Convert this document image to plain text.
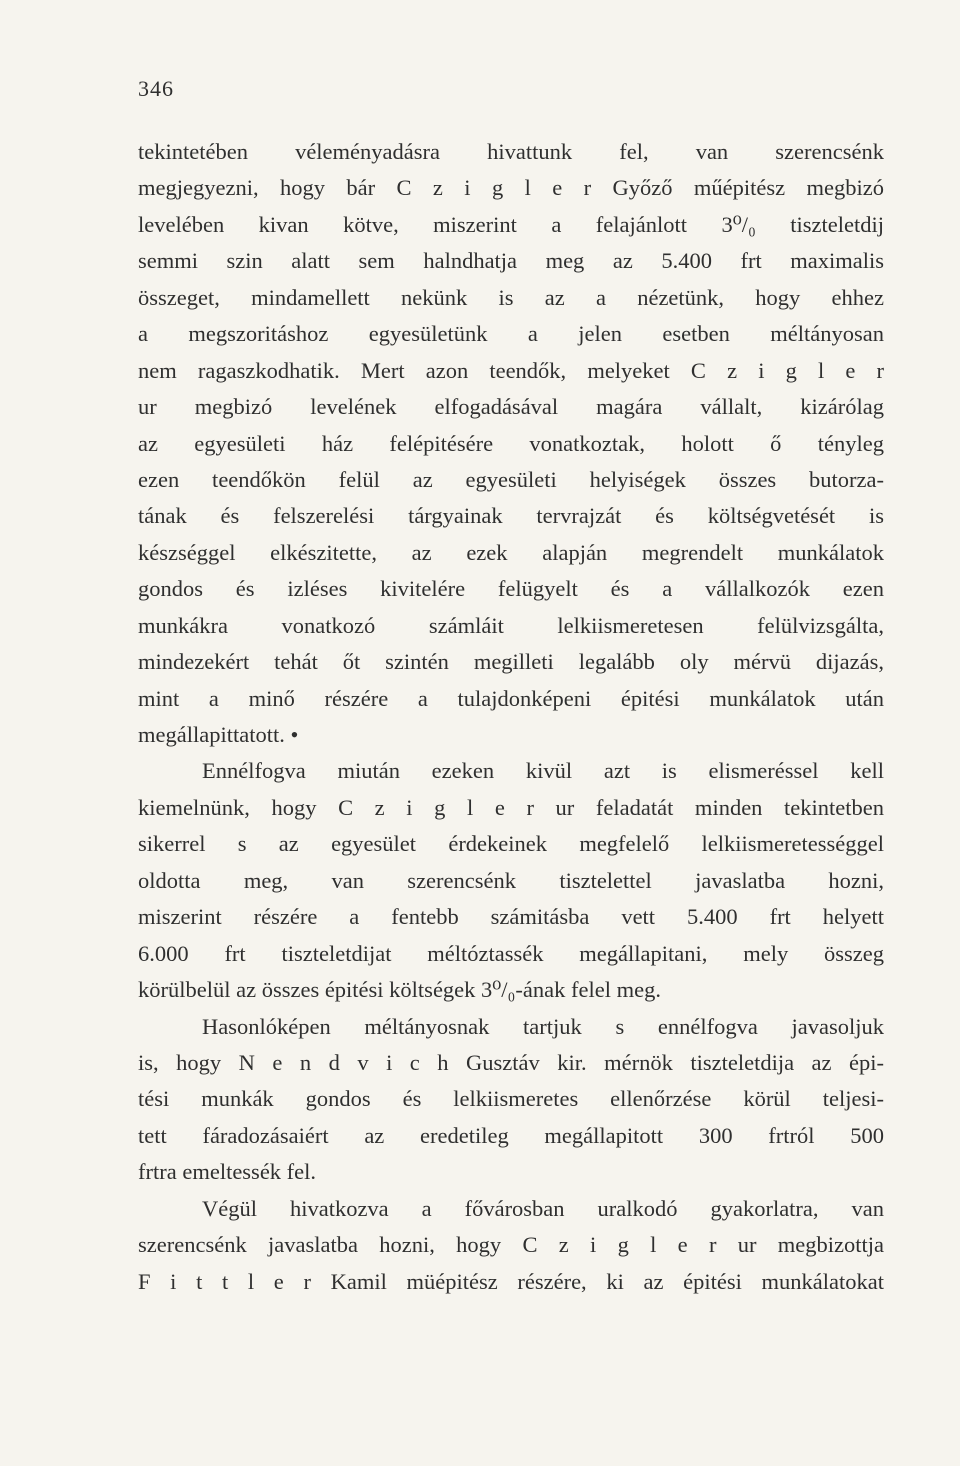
346
tekintetében véleményadásra hivattunk fel, van szerencsénk
megjegyezni, hogy bár C z i g l e r Győző műépitész megbizó
levelében kivan kötve, miszerint a felajánlott 3⁰/₀ tiszteletdij
semmi szin alatt sem halndhatja meg az 5.400 frt maximalis
összeget, mindamellett nekünk is az a nézetünk, hogy ehhez
a megszoritáshoz egyesületünk a jelen esetben méltányosan
nem ragaszkodhatik. Mert azon teendők, melyeket C z i g l e r
ur megbizó levelének elfogadásával magára vállalt, kizárólag
az egyesületi ház felépitésére vonatkoztak, holott ő tényleg
ezen teendőkön felül az egyesületi helyiségek összes butorza-
tának és felszerelési tárgyainak tervrajzát és költségvetését is
készséggel elkészitette, az ezek alapján megrendelt munkálatok
gondos és izléses kivitelére felügyelt és a vállalkozók ezen
munkákra vonatkozó számláit lelkiismeretesen felülvizsgálta,
mindezekért tehát őt szintén megilleti legalább oly mérvü dijazás,
mint a minő részére a tulajdonképeni épitési munkálatok után
megállapittatott. •
Ennélfogva miután ezeken kivül azt is elismeréssel kell
kiemelnünk, hogy C z i g l e r ur feladatát minden tekintetben
sikerrel s az egyesület érdekeinek megfelelő lelkiismeretességgel
oldotta meg, van szerencsénk tisztelettel javaslatba hozni,
miszerint részére a fentebb számitásba vett 5.400 frt helyett
6.000 frt tiszteletdijat méltóztassék megállapitani, mely összeg
körülbelül az összes épitési költségek 3⁰/₀-ának felel meg.
Hasonlóképen méltányosnak tartjuk s ennélfogva javasoljuk
is, hogy N e n d v i c h Gusztáv kir. mérnök tiszteletdija az épi-
tési munkák gondos és lelkiismeretes ellenőrzése körül teljesi-
tett fáradozásaiért az eredetileg megállapitott 300 frtról 500
frtra emeltessék fel.
Végül hivatkozva a fővárosban uralkodó gyakorlatra, van
szerencsénk javaslatba hozni, hogy C z i g l e r ur megbizottja
F i t t l e r Kamil müépitész részére, ki az épitési munkálatokat
